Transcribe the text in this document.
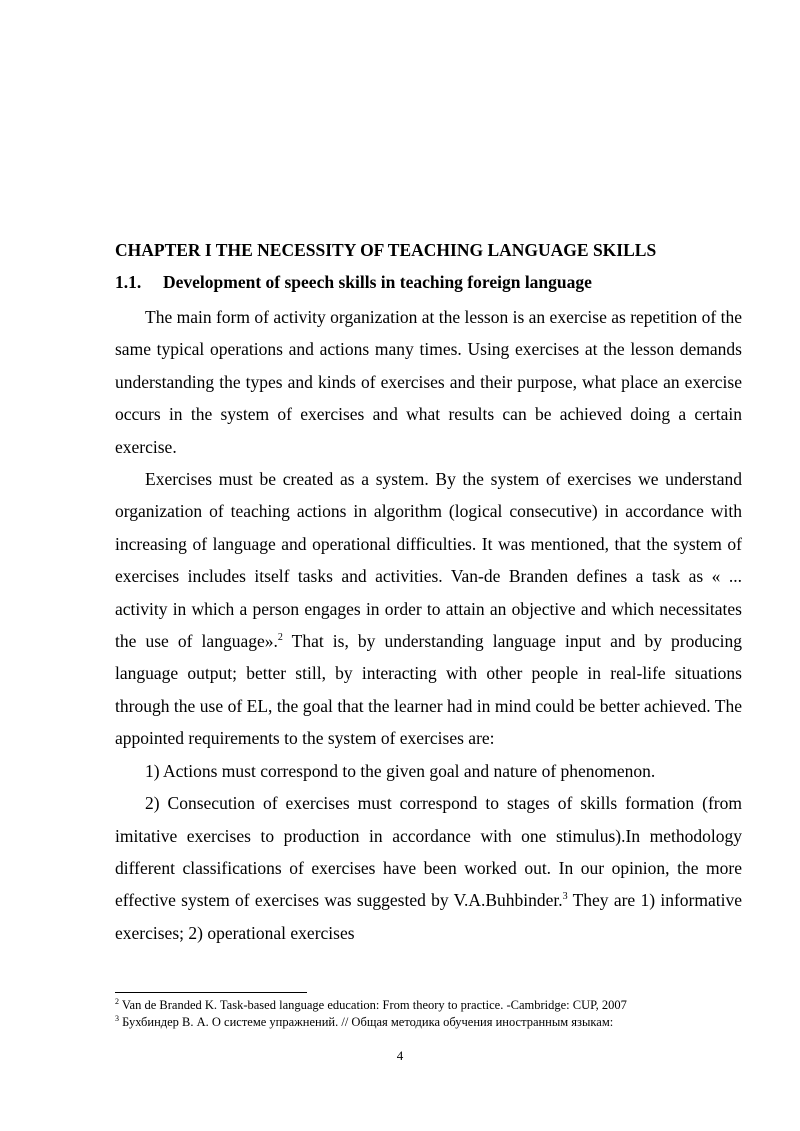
CHAPTER I THE NECESSITY OF TEACHING LANGUAGE SKILLS
1.1. Development of speech skills in teaching foreign language

The main form of activity organization at the lesson is an exercise as repetition of the same typical operations and actions many times. Using exercises at the lesson demands understanding the types and kinds of exercises and their purpose, what place an exercise occurs in the system of exercises and what results can be achieved doing a certain exercise.

Exercises must be created as a system. By the system of exercises we understand organization of teaching actions in algorithm (logical consecutive) in accordance with increasing of language and operational difficulties. It was mentioned, that the system of exercises includes itself tasks and activities. Van-de Branden defines a task as « ... activity in which a person engages in order to attain an objective and which necessitates the use of language».$^2$ That is, by understanding language input and by producing language output; better still, by interacting with other people in real-life situations through the use of EL, the goal that the learner had in mind could be better achieved. The appointed requirements to the system of exercises are:

1) Actions must correspond to the given goal and nature of phenomenon.

2) Consecution of exercises must correspond to stages of skills formation (from imitative exercises to production in accordance with one stimulus).In methodology different classifications of exercises have been worked out. In our opinion, the more effective system of exercises was suggested by V.A.Buhbinder.$^3$ They are 1) informative exercises; 2) operational exercises

$^2$ Van de Branded K. Task-based language education: From theory to practice. -Cambridge: CUP, 2007
$^3$ Бухбиндер В. А. О системе упражнений. // Общая методика обучения иностранным языкам:
4
